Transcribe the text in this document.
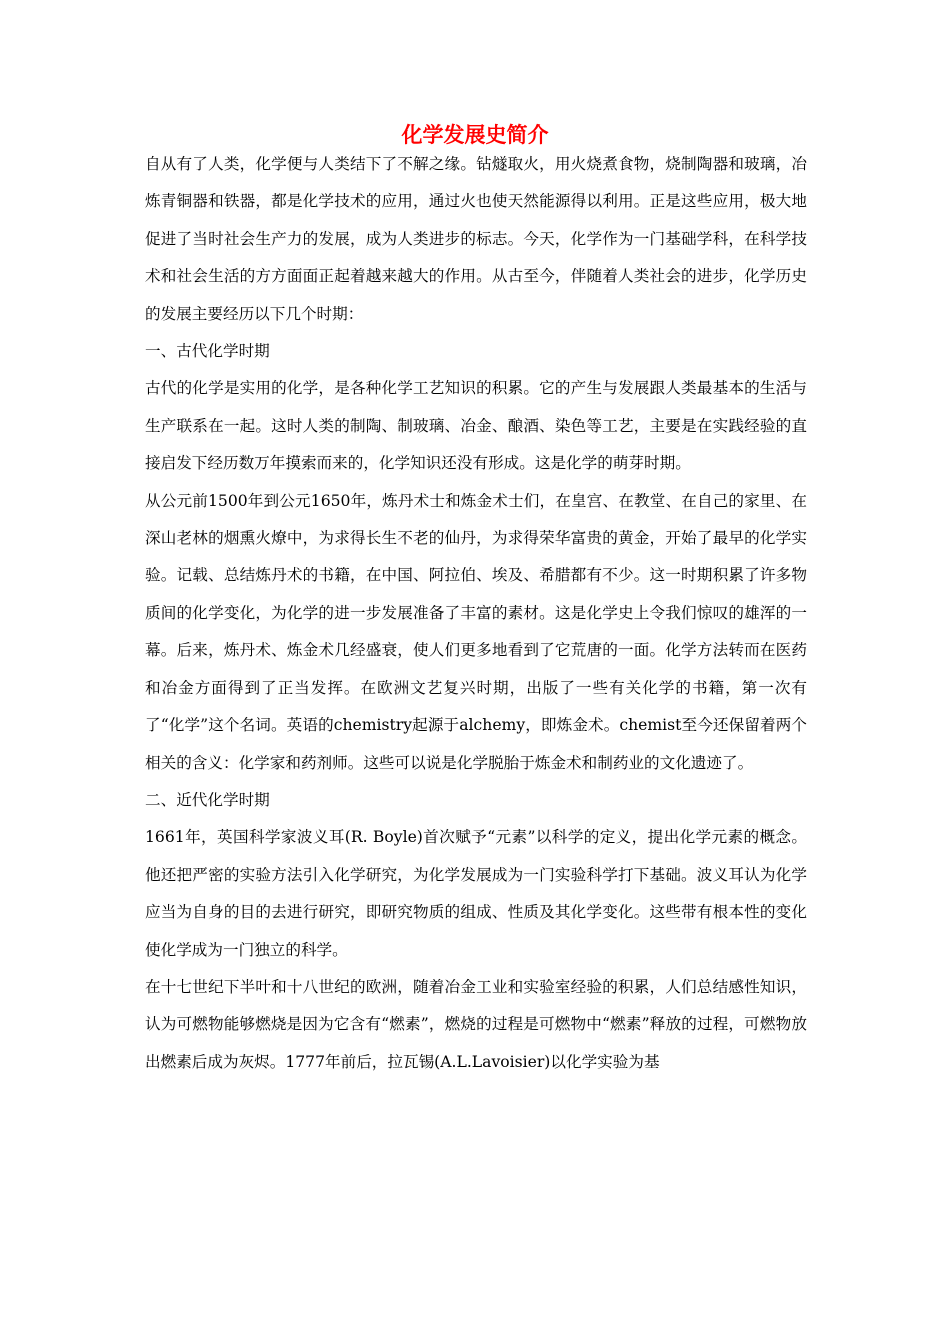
化学发展史简介

自从有了人类，化学便与人类结下了不解之缘。钻燧取火，用火烧煮食物，烧制陶器和玻璃，冶炼青铜器和铁器，都是化学技术的应用，通过火也使天然能源得以利用。正是这些应用，极大地促进了当时社会生产力的发展，成为人类进步的标志。今天，化学作为一门基础学科，在科学技术和社会生活的方方面面正起着越来越大的作用。从古至今，伴随着人类社会的进步，化学历史的发展主要经历以下几个时期：

一、古代化学时期

古代的化学是实用的化学，是各种化学工艺知识的积累。它的产生与发展跟人类最基本的生活与生产联系在一起。这时人类的制陶、制玻璃、冶金、酿酒、染色等工艺，主要是在实践经验的直接启发下经历数万年摸索而来的，化学知识还没有形成。这是化学的萌芽时期。

从公元前1500年到公元1650年，炼丹术士和炼金术士们，在皇宫、在教堂、在自己的家里、在深山老林的烟熏火燎中，为求得长生不老的仙丹，为求得荣华富贵的黄金，开始了最早的化学实验。记载、总结炼丹术的书籍，在中国、阿拉伯、埃及、希腊都有不少。这一时期积累了许多物质间的化学变化，为化学的进一步发展准备了丰富的素材。这是化学史上令我们惊叹的雄浑的一幕。后来，炼丹术、炼金术几经盛衰，使人们更多地看到了它荒唐的一面。化学方法转而在医药和冶金方面得到了正当发挥。在欧洲文艺复兴时期，出版了一些有关化学的书籍，第一次有了“化学”这个名词。英语的chemistry起源于alchemy，即炼金术。chemist至今还保留着两个相关的含义：化学家和药剂师。这些可以说是化学脱胎于炼金术和制药业的文化遗迹了。

二、近代化学时期

1661年，英国科学家波义耳(R. Boyle)首次赋予“元素”以科学的定义，提出化学元素的概念。他还把严密的实验方法引入化学研究，为化学发展成为一门实验科学打下基础。波义耳认为化学应当为自身的目的去进行研究，即研究物质的组成、性质及其化学变化。这些带有根本性的变化使化学成为一门独立的科学。

在十七世纪下半叶和十八世纪的欧洲，随着冶金工业和实验室经验的积累，人们总结感性知识，认为可燃物能够燃烧是因为它含有“燃素”，燃烧的过程是可燃物中“燃素”释放的过程，可燃物放出燃素后成为灰烬。1777年前后，拉瓦锡(A.L.Lavoisier)以化学实验为基
